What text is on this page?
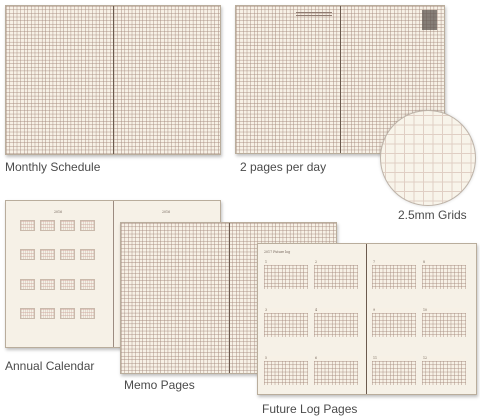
Monthly Schedule	2 pages per day
2.5mm Grids
2016	2016
Annual Calendar
Memo Pages
2017 Future log
1	2
3	4
5	6
7	8
9	10
11	12
Future Log Pages
